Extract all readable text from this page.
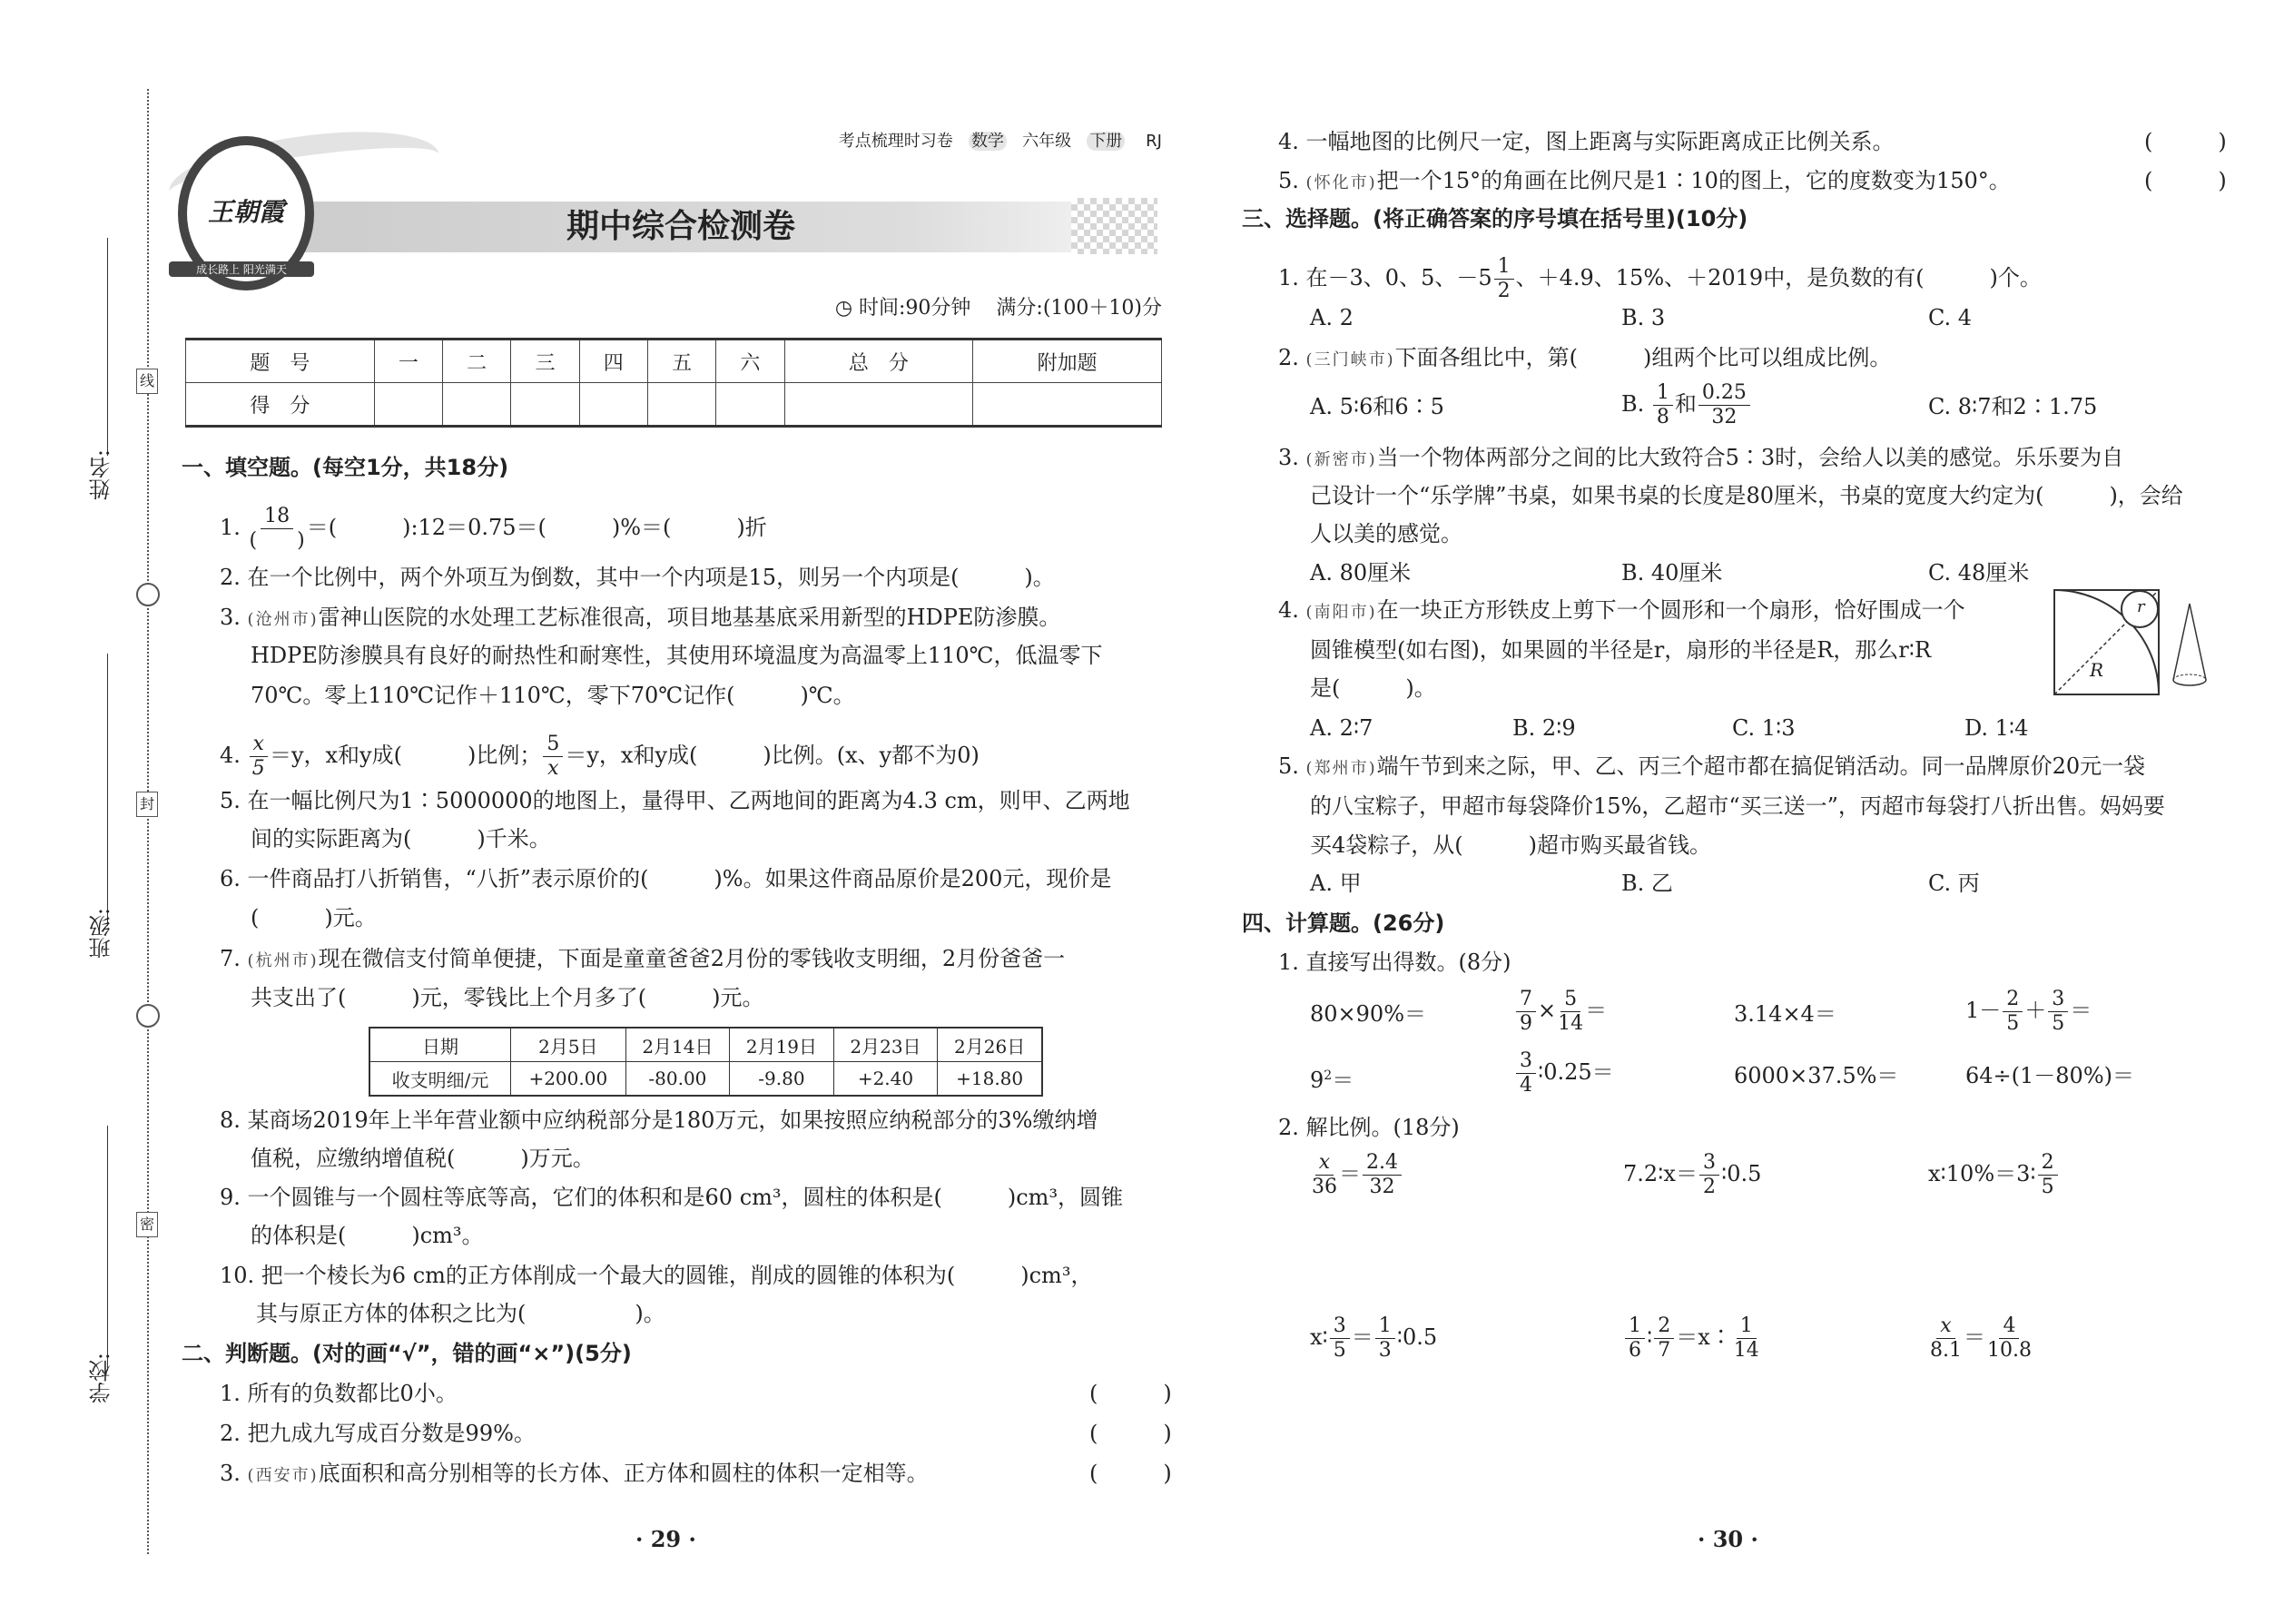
姓名:
班级:
学校:
线
封
密
王朝霞
成长路上 阳光满天
考点梳理时习卷 数学 六年级 下册 RJ
期中综合检测卷
◷ 时间:90分钟 满分:(100＋10)分
题　号	一	二	三	四	五	六	总　分	附加题
得　分								
一、填空题。(每空1分，共18分)
1. $\frac{18}{( )}$ ＝(　　　):12＝0.75＝(　　　)%＝(　　　)折
2. 在一个比例中，两个外项互为倒数，其中一个内项是15，则另一个内项是(　　　)。
3. (沧州市)雷神山医院的水处理工艺标准很高，项目地基基底采用新型的HDPE防渗膜。
HDPE防渗膜具有良好的耐热性和耐寒性，其使用环境温度为高温零上110℃，低温零下
70℃。零上110℃记作＋110℃，零下70℃记作(　　　)℃。
4. $\frac{x}{5} =y$，x和y成(　　　)比例； $\frac{5}{x} =y$，x和y成(　　　)比例。(x、y都不为0)
5. 在一幅比例尺为1∶5000000的地图上，量得甲、乙两地间的距离为4.3 cm，则甲、乙两地
间的实际距离为(　　　)千米。
6. 一件商品打八折销售，“八折”表示原价的(　　　)%。如果这件商品原价是200元，现价是
(　　　)元。
7. (杭州市)现在微信支付简单便捷，下面是童童爸爸2月份的零钱收支明细，2月份爸爸一
共支出了(　　　)元，零钱比上个月多了(　　　)元。
日期	2月5日	2月14日	2月19日	2月23日	2月26日
收支明细/元	+200.00	-80.00	-9.80	+2.40	+18.80
8. 某商场2019年上半年营业额中应纳税部分是180万元，如果按照应纳税部分的3%缴纳增
值税，应缴纳增值税(　　　)万元。
9. 一个圆锥与一个圆柱等底等高，它们的体积和是60 cm³，圆柱的体积是(　　　)cm³，圆锥
的体积是(　　　)cm³。
10. 把一个棱长为6 cm的正方体削成一个最大的圆锥，削成的圆锥的体积为(　　　)cm³，
其与原正方体的体积之比为(　　　　　)。
二、判断题。(对的画“√”，错的画“×”)(5分)
1. 所有的负数都比0小。	(　　　)
2. 把九成九写成百分数是99%。	(　　　)
3. (西安市)底面积和高分别相等的长方体、正方体和圆柱的体积一定相等。	(　　　)
· 29 ·
4. 一幅地图的比例尺一定，图上距离与实际距离成正比例关系。	(　　　)
5. (怀化市)把一个15°的角画在比例尺是1∶10的图上，它的度数变为150°。	(　　　)
三、选择题。(将正确答案的序号填在括号里)(10分)
1. 在－3、0、5、$-5 \frac{1}{2}$ 、＋4.9、15%、＋2019中，是负数的有(　　　)个。
A. 2	B. 3	C. 4
2. (三门峡市)下面各组比中，第(　　　)组两个比可以组成比例。
A. 5∶6和6∶5	B. $\frac{1}{8}$ 和 $\frac{0.25}{32}$	C. 8∶7和2∶1.75
3. (新密市)当一个物体两部分之间的比大致符合5∶3时，会给人以美的感觉。乐乐要为自
己设计一个“乐学牌”书桌，如果书桌的长度是80厘米，书桌的宽度大约定为(　　　)，会给
人以美的感觉。
A. 80厘米	B. 40厘米	C. 48厘米
4. (南阳市)在一块正方形铁皮上剪下一个圆形和一个扇形，恰好围成一个
圆锥模型(如右图)，如果圆的半径是r，扇形的半径是R，那么r∶R
是(　　　)。
r
R
A. 2∶7	B. 2∶9	C. 1∶3	D. 1∶4
5. (郑州市)端午节到来之际，甲、乙、丙三个超市都在搞促销活动。同一品牌原价20元一袋
的八宝粽子，甲超市每袋降价15%，乙超市“买三送一”，丙超市每袋打八折出售。妈妈要
买4袋粽子，从(　　　)超市购买最省钱。
A. 甲	B. 乙	C. 丙
四、计算题。(26分)
1. 直接写出得数。(8分)
80×90%＝	$\frac{7}{9} \times \frac{5}{14}$ ＝	3.14×4＝	$1- \frac{2}{5} + \frac{3}{5}$ ＝
$9^2=$	$\frac{3}{4}$ ∶0.25＝	6000×37.5%＝	64÷(1－80%)＝
2. 解比例。(18分)
$\frac{x}{36} = \frac{2.4}{32}$	7.2∶x＝ $\frac{3}{2}$ ∶0.5	x∶10%＝3∶ $\frac{2}{5}$
x∶ $\frac{3}{5} = \frac{1}{3}$ ∶0.5	$\frac{1}{6}$ ∶ $\frac{2}{7}$ ＝x∶ $\frac{1}{14}$	$\frac{x}{8.1} = \frac{4}{10.8}$
· 30 ·
